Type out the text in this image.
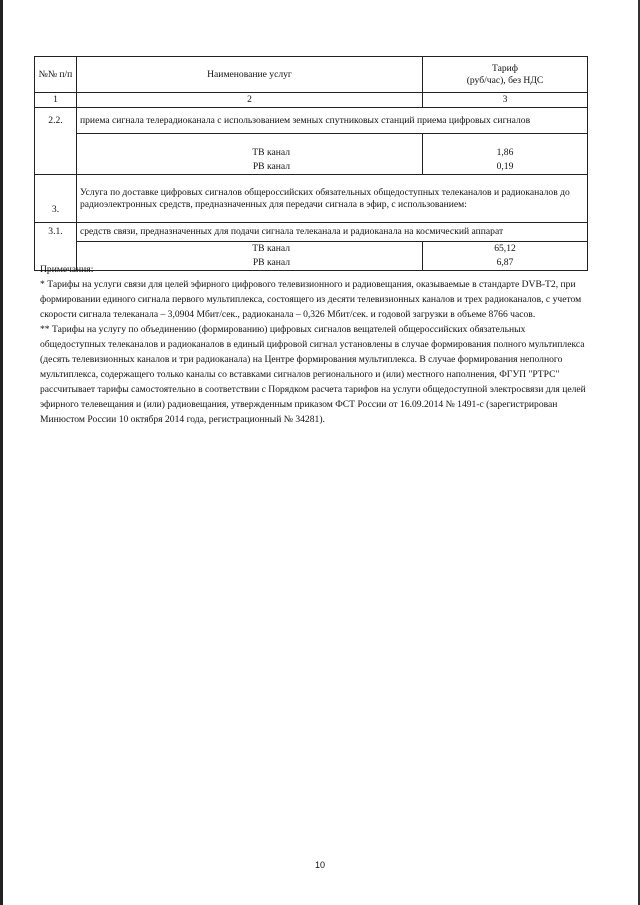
№№ п/п	Наименование услуг	Тариф
(руб/час), без НДС

1	2	3
2.2.	приема сигнала телерадиоканала с использованием земных спутниковых станций приема цифровых сигналов	

	ТВ канал	1,86
	РВ канал	0,19
3.	Услуга по доставке цифровых сигналов общероссийских обязательных общедоступных телеканалов и радиоканалов до радиоэлектронных средств, предназначенных для передачи сигнала в эфир, с использованием:	
3.1.	средств связи, предназначенных для подачи сигнала телеканала и радиоканала на космический аппарат	
	ТВ канал	65,12
	РВ канал	6,87

Примечания:

* Тарифы на услуги связи для целей эфирного цифрового телевизионного и радиовещания, оказываемые в стандарте DVB-T2, при формировании единого сигнала первого мультиплекса, состоящего из десяти телевизионных каналов и трех радиоканалов, с учетом скорости сигнала телеканала – 3,0904 Мбит/сек., радиоканала – 0,326 Мбит/сек. и годовой загрузки в объеме 8766 часов.

** Тарифы на услугу по объединению (формированию) цифровых сигналов вещателей общероссийских обязательных общедоступных телеканалов и радиоканалов в единый цифровой сигнал установлены в случае формирования полного мультиплекса (десять телевизионных каналов и три радиоканала) на Центре формирования мультиплекса. В случае формирования неполного мультиплекса, содержащего только каналы со вставками сигналов регионального и (или) местного наполнения, ФГУП "РТРС" рассчитывает тарифы самостоятельно в соответствии с Порядком расчета тарифов на услуги общедоступной электросвязи для целей эфирного телевещания и (или) радиовещания, утвержденным приказом ФСТ России от 16.09.2014 № 1491-с (зарегистрирован Минюстом России 10 октября 2014 года, регистрационный № 34281).

10
